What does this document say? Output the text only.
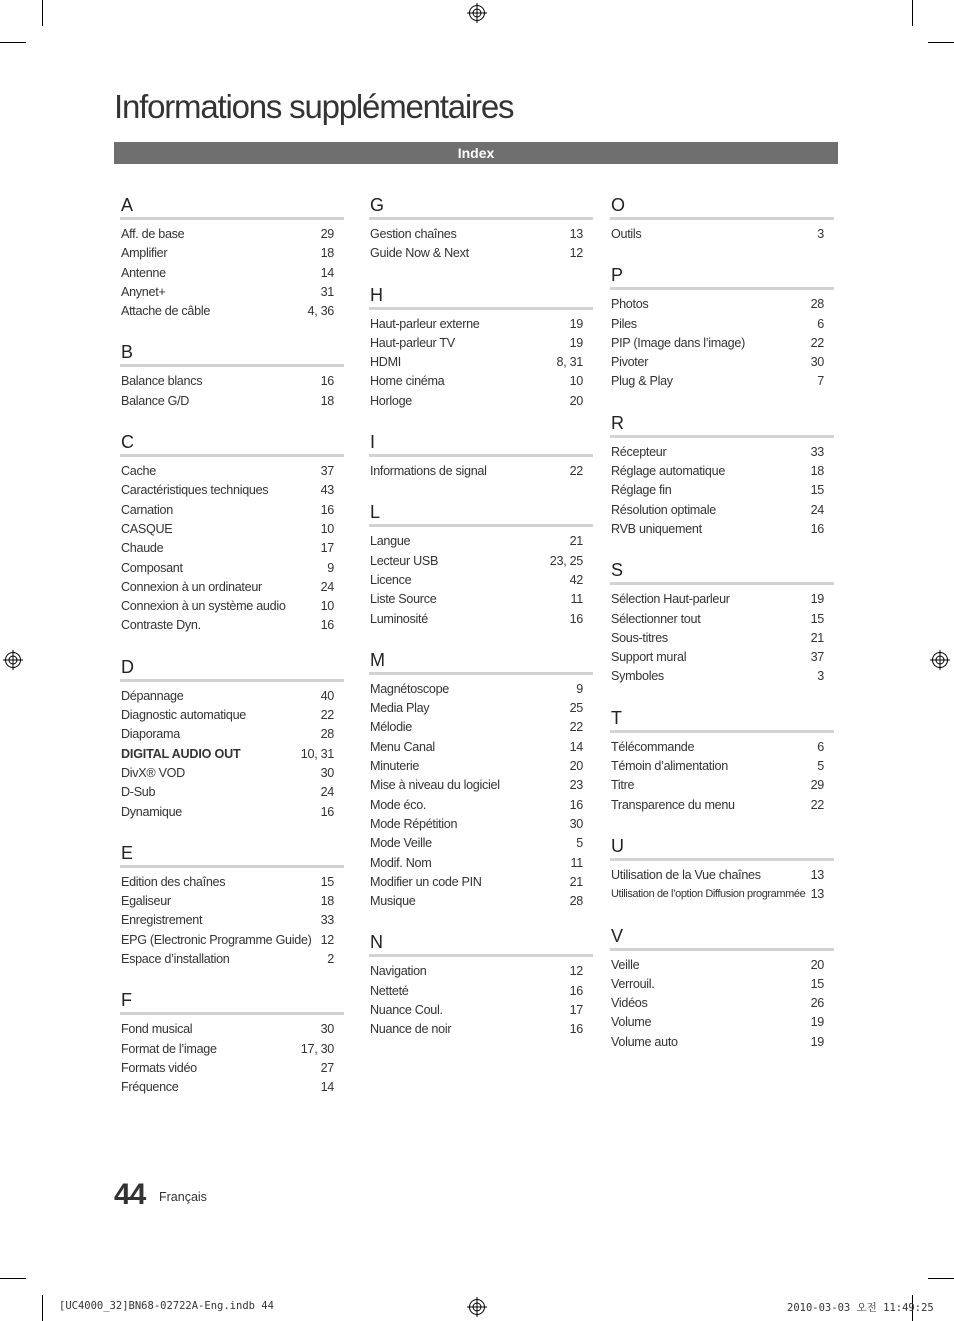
Informations supplémentaires
Index
A
Aff. de base	29
Amplifier	18
Antenne	14
Anynet+	31
Attache de câble	4, 36
B
Balance blancs	16
Balance G/D	18
C
Cache	37
Caractéristiques techniques	43
Carnation	16
CASQUE	10
Chaude	17
Composant	9
Connexion à un ordinateur	24
Connexion à un système audio	10
Contraste Dyn.	16
D
Dépannage	40
Diagnostic automatique	22
Diaporama	28
DIGITAL AUDIO OUT	10, 31
DivX® VOD	30
D-Sub	24
Dynamique	16
E
Edition des chaînes	15
Egaliseur	18
Enregistrement	33
EPG (Electronic Programme Guide) 12
Espace d’installation	2
F
Fond musical	30
Format de l’image	17, 30
Formats vidéo	27
Fréquence	14
G
Gestion chaînes	13
Guide Now & Next	12
H
Haut-parleur externe	19
Haut-parleur TV	19
HDMI	8, 31
Home cinéma	10
Horloge	20
I
Informations de signal	22
L
Langue	21
Lecteur USB	23, 25
Licence	42
Liste Source	11
Luminosité	16
M
Magnétoscope	9
Media Play	25
Mélodie	22
Menu Canal	14
Minuterie	20
Mise à niveau du logiciel	23
Mode éco.	16
Mode Répétition	30
Mode Veille	5
Modif. Nom	11
Modifier un code PIN	21
Musique	28
N
Navigation	12
Netteté	16
Nuance Coul.	17
Nuance de noir	16
O
Outils	3
P
Photos	28
Piles	6
PIP (Image dans l’image)	22
Pivoter	30
Plug & Play	7
R
Récepteur	33
Réglage automatique	18
Réglage fin	15
Résolution optimale	24
RVB uniquement	16
S
Sélection Haut-parleur	19
Sélectionner tout	15
Sous-titres	21
Support mural	37
Symboles	3
T
Télécommande	6
Témoin d’alimentation	5
Titre	29
Transparence du menu	22
U
Utilisation de la Vue chaînes	13
Utilisation de l’option Diffusion programmée 13
V
Veille	20
Verrouil.	15
Vidéos	26
Volume	19
Volume auto	19
44 Français
[UC4000_32]BN68-02722A-Eng.indb 44	2010-03-03 오전 11:49:25
